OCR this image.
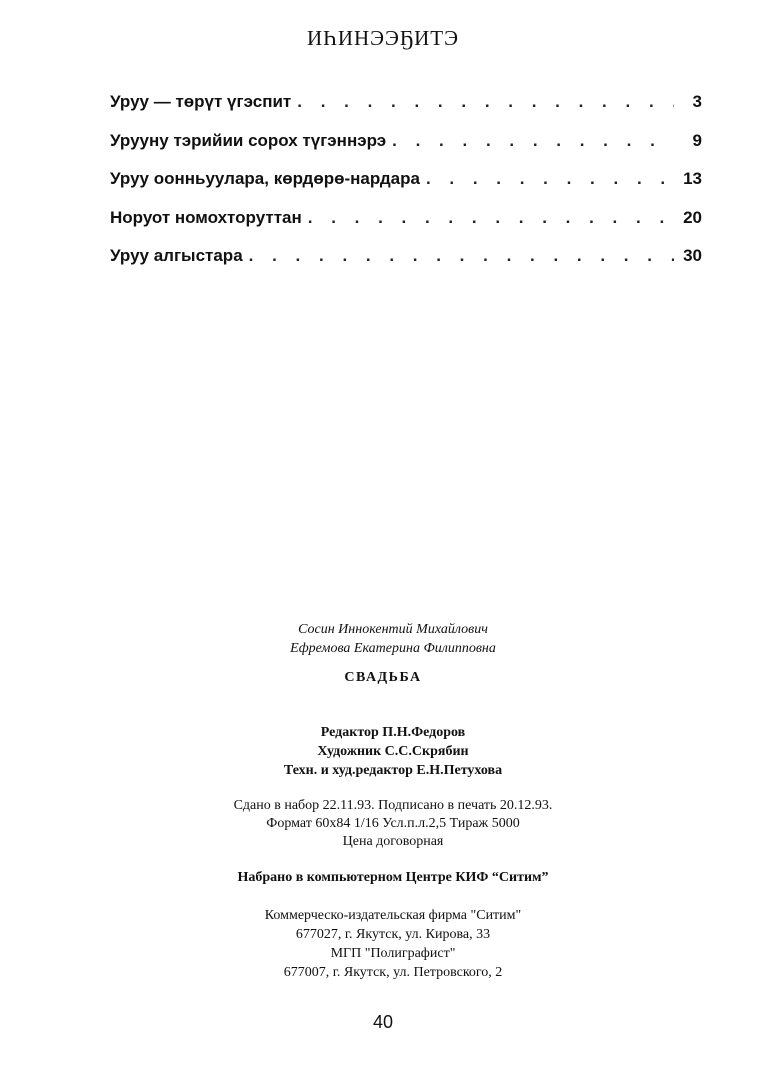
ИҺИНЭЭҔИТЭ
Уруу — төрүт үгэспит . . .	3
Урууну тэрийии сорох түгэннэрэ . . .	9
Уруу оонньуулара, көрдөрө-нардара . . .	13
Норуот номохторуттан . . .	20
Уруу алгыстара . . .	30
Сосин Иннокентий Михайлович
Ефремова Екатерина Филипповна
СВАДЬБА
Редактор П.Н.Федоров
Художник С.С.Скрябин
Техн. и худ.редактор Е.Н.Петухова
Сдано в набор 22.11.93. Подписано в печать 20.12.93.
Формат 60х84 1/16 Усл.п.л.2,5 Тираж 5000
Цена договорная
Набрано в компьютерном Центре КИФ “Ситим”
Коммерческо-издательская фирма "Ситим"
677027, г. Якутск, ул. Кирова, 33
МГП "Полиграфист"
677007, г. Якутск, ул. Петровского, 2
40
